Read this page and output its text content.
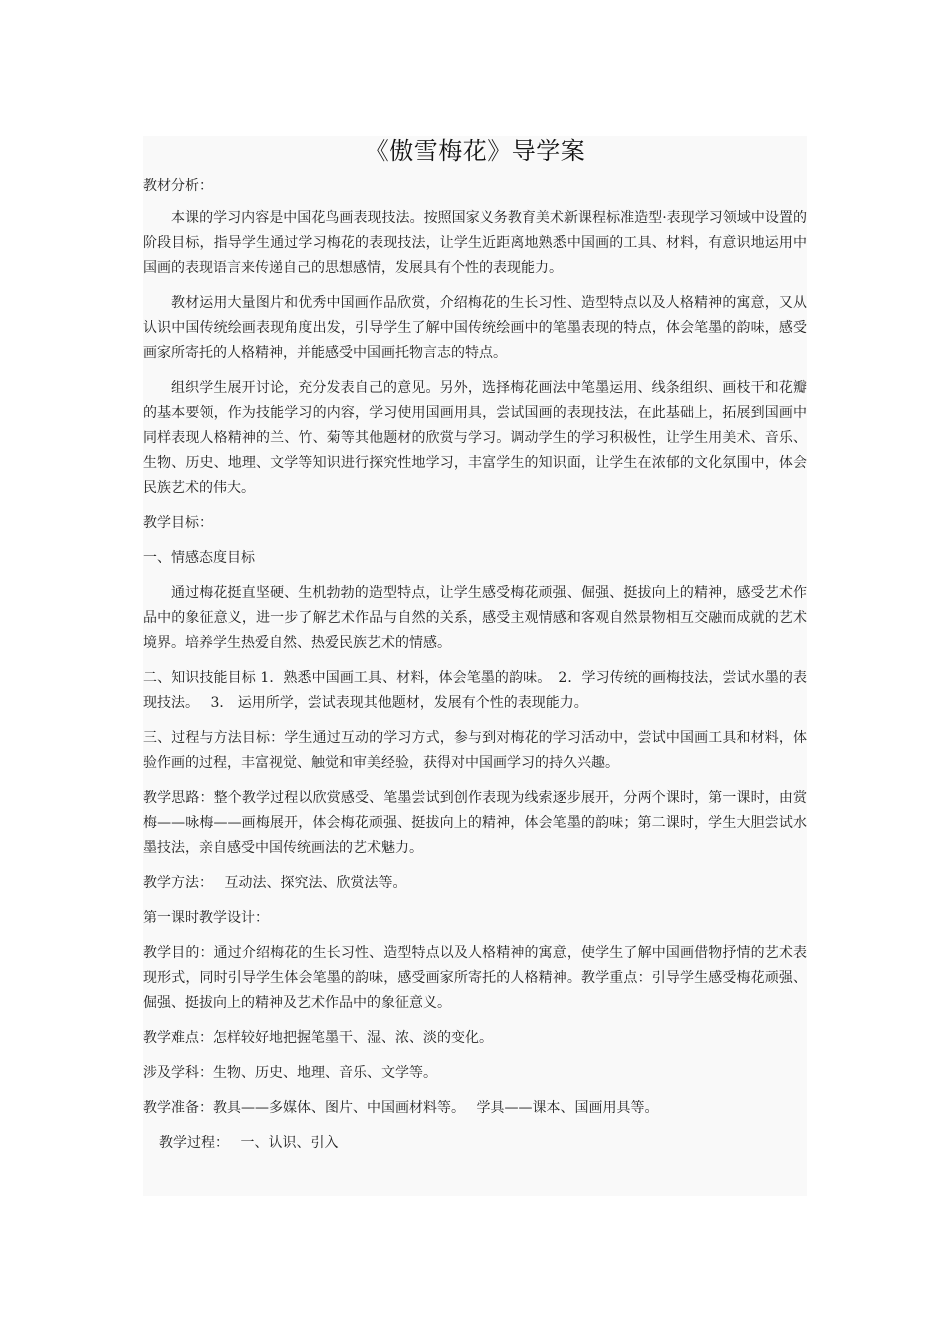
《傲雪梅花》导学案

教材分析：

本课的学习内容是中国花鸟画表现技法。按照国家义务教育美术新课程标准造型·表现学习领域中设置的阶段目标，指导学生通过学习梅花的表现技法，让学生近距离地熟悉中国画的工具、材料，有意识地运用中国画的表现语言来传递自己的思想感情，发展具有个性的表现能力。

教材运用大量图片和优秀中国画作品欣赏，介绍梅花的生长习性、造型特点以及人格精神的寓意，又从认识中国传统绘画表现角度出发，引导学生了解中国传统绘画中的笔墨表现的特点，体会笔墨的韵味，感受画家所寄托的人格精神，并能感受中国画托物言志的特点。

组织学生展开讨论，充分发表自己的意见。另外，选择梅花画法中笔墨运用、线条组织、画枝干和花瓣的基本要领，作为技能学习的内容，学习使用国画用具，尝试国画的表现技法，在此基础上，拓展到国画中同样表现人格精神的兰、竹、菊等其他题材的欣赏与学习。调动学生的学习积极性，让学生用美术、音乐、生物、历史、地理、文学等知识进行探究性地学习，丰富学生的知识面，让学生在浓郁的文化氛围中，体会民族艺术的伟大。

教学目标：

一、情感态度目标

通过梅花挺直坚硬、生机勃勃的造型特点，让学生感受梅花顽强、倔强、挺拔向上的精神，感受艺术作品中的象征意义，进一步了解艺术作品与自然的关系，感受主观情感和客观自然景物相互交融而成就的艺术境界。培养学生热爱自然、热爱民族艺术的情感。

二、知识技能目标 1．熟悉中国画工具、材料，体会笔墨的韵味。　2．学习传统的画梅技法，尝试水墨的表现技法。　 3． 运用所学，尝试表现其他题材，发展有个性的表现能力。

三、过程与方法目标：学生通过互动的学习方式，参与到对梅花的学习活动中，尝试中国画工具和材料，体验作画的过程，丰富视觉、触觉和审美经验，获得对中国画学习的持久兴趣。

教学思路：整个教学过程以欣赏感受、笔墨尝试到创作表现为线索逐步展开，分两个课时，第一课时，由赏梅——咏梅——画梅展开，体会梅花顽强、挺拔向上的精神，体会笔墨的韵味；第二课时，学生大胆尝试水墨技法，亲自感受中国传统画法的艺术魅力。

教学方法：　 互动法、探究法、欣赏法等。

第一课时教学设计：

教学目的：通过介绍梅花的生长习性、造型特点以及人格精神的寓意，使学生了解中国画借物抒情的艺术表现形式，同时引导学生体会笔墨的韵味，感受画家所寄托的人格精神。教学重点：引导学生感受梅花顽强、倔强、挺拔向上的精神及艺术作品中的象征意义。

教学难点：怎样较好地把握笔墨干、湿、浓、淡的变化。

涉及学科：生物、历史、地理、音乐、文学等。

教学准备：教具——多媒体、图片、中国画材料等。　 学具——课本、国画用具等。

教学过程：　 一、认识、引入
